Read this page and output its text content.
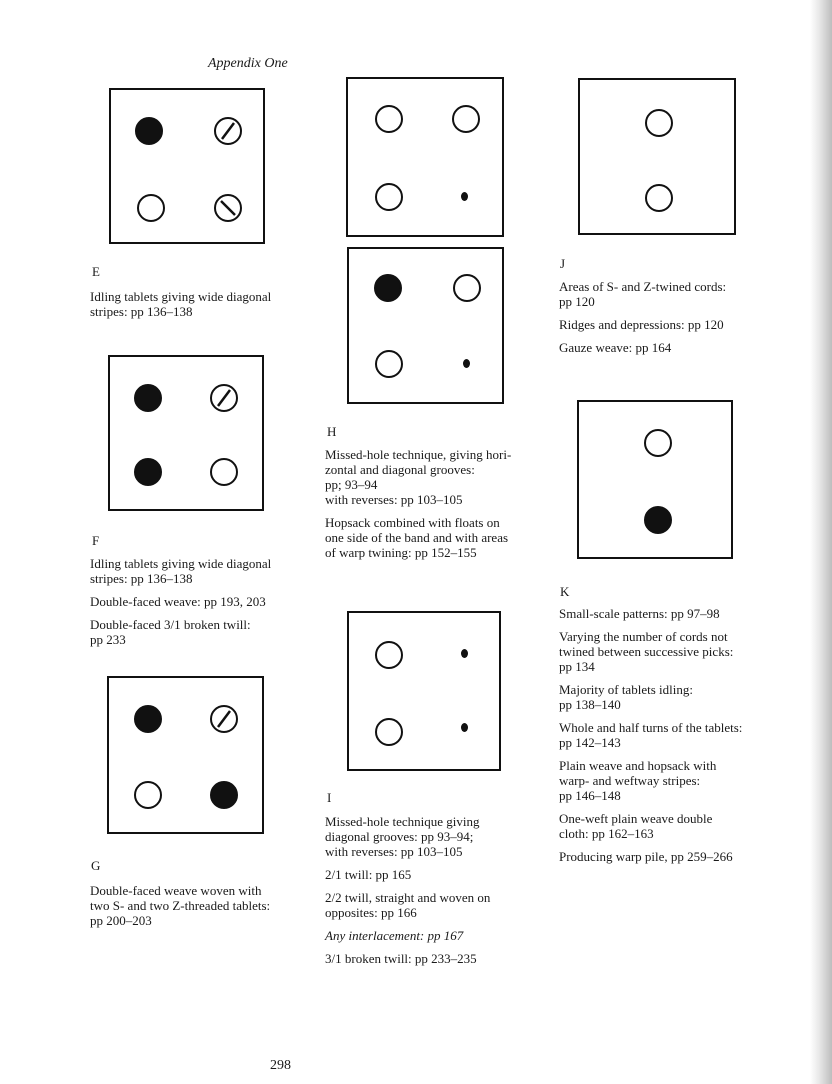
Appendix One
E

Idling tablets giving wide diagonal
stripes: pp 136–138

F

Idling tablets giving wide diagonal
stripes: pp 136–138

Double-faced weave: pp 193, 203

Double-faced 3/1 broken twill:
pp 233

G

Double-faced weave woven with
two S- and two Z-threaded tablets:
pp 200–203

H

Missed-hole technique, giving hori-
zontal and diagonal grooves:
pp; 93–94
with reverses: pp 103–105

Hopsack combined with floats on
one side of the band and with areas
of warp twining: pp 152–155

I

Missed-hole technique giving
diagonal grooves: pp 93–94;
with reverses: pp 103–105

2/1 twill: pp 165

2/2 twill, straight and woven on
opposites: pp 166

Any interlacement: pp 167

3/1 broken twill: pp 233–235

J

Areas of S- and Z-twined cords:
pp 120

Ridges and depressions: pp 120

Gauze weave: pp 164

K

Small-scale patterns: pp 97–98

Varying the number of cords not
twined between successive picks:
pp 134

Majority of tablets idling:
pp 138–140

Whole and half turns of the tablets:
pp 142–143

Plain weave and hopsack with
warp- and weftway stripes:
pp 146–148

One-weft plain weave double
cloth: pp 162–163

Producing warp pile, pp 259–266

298
